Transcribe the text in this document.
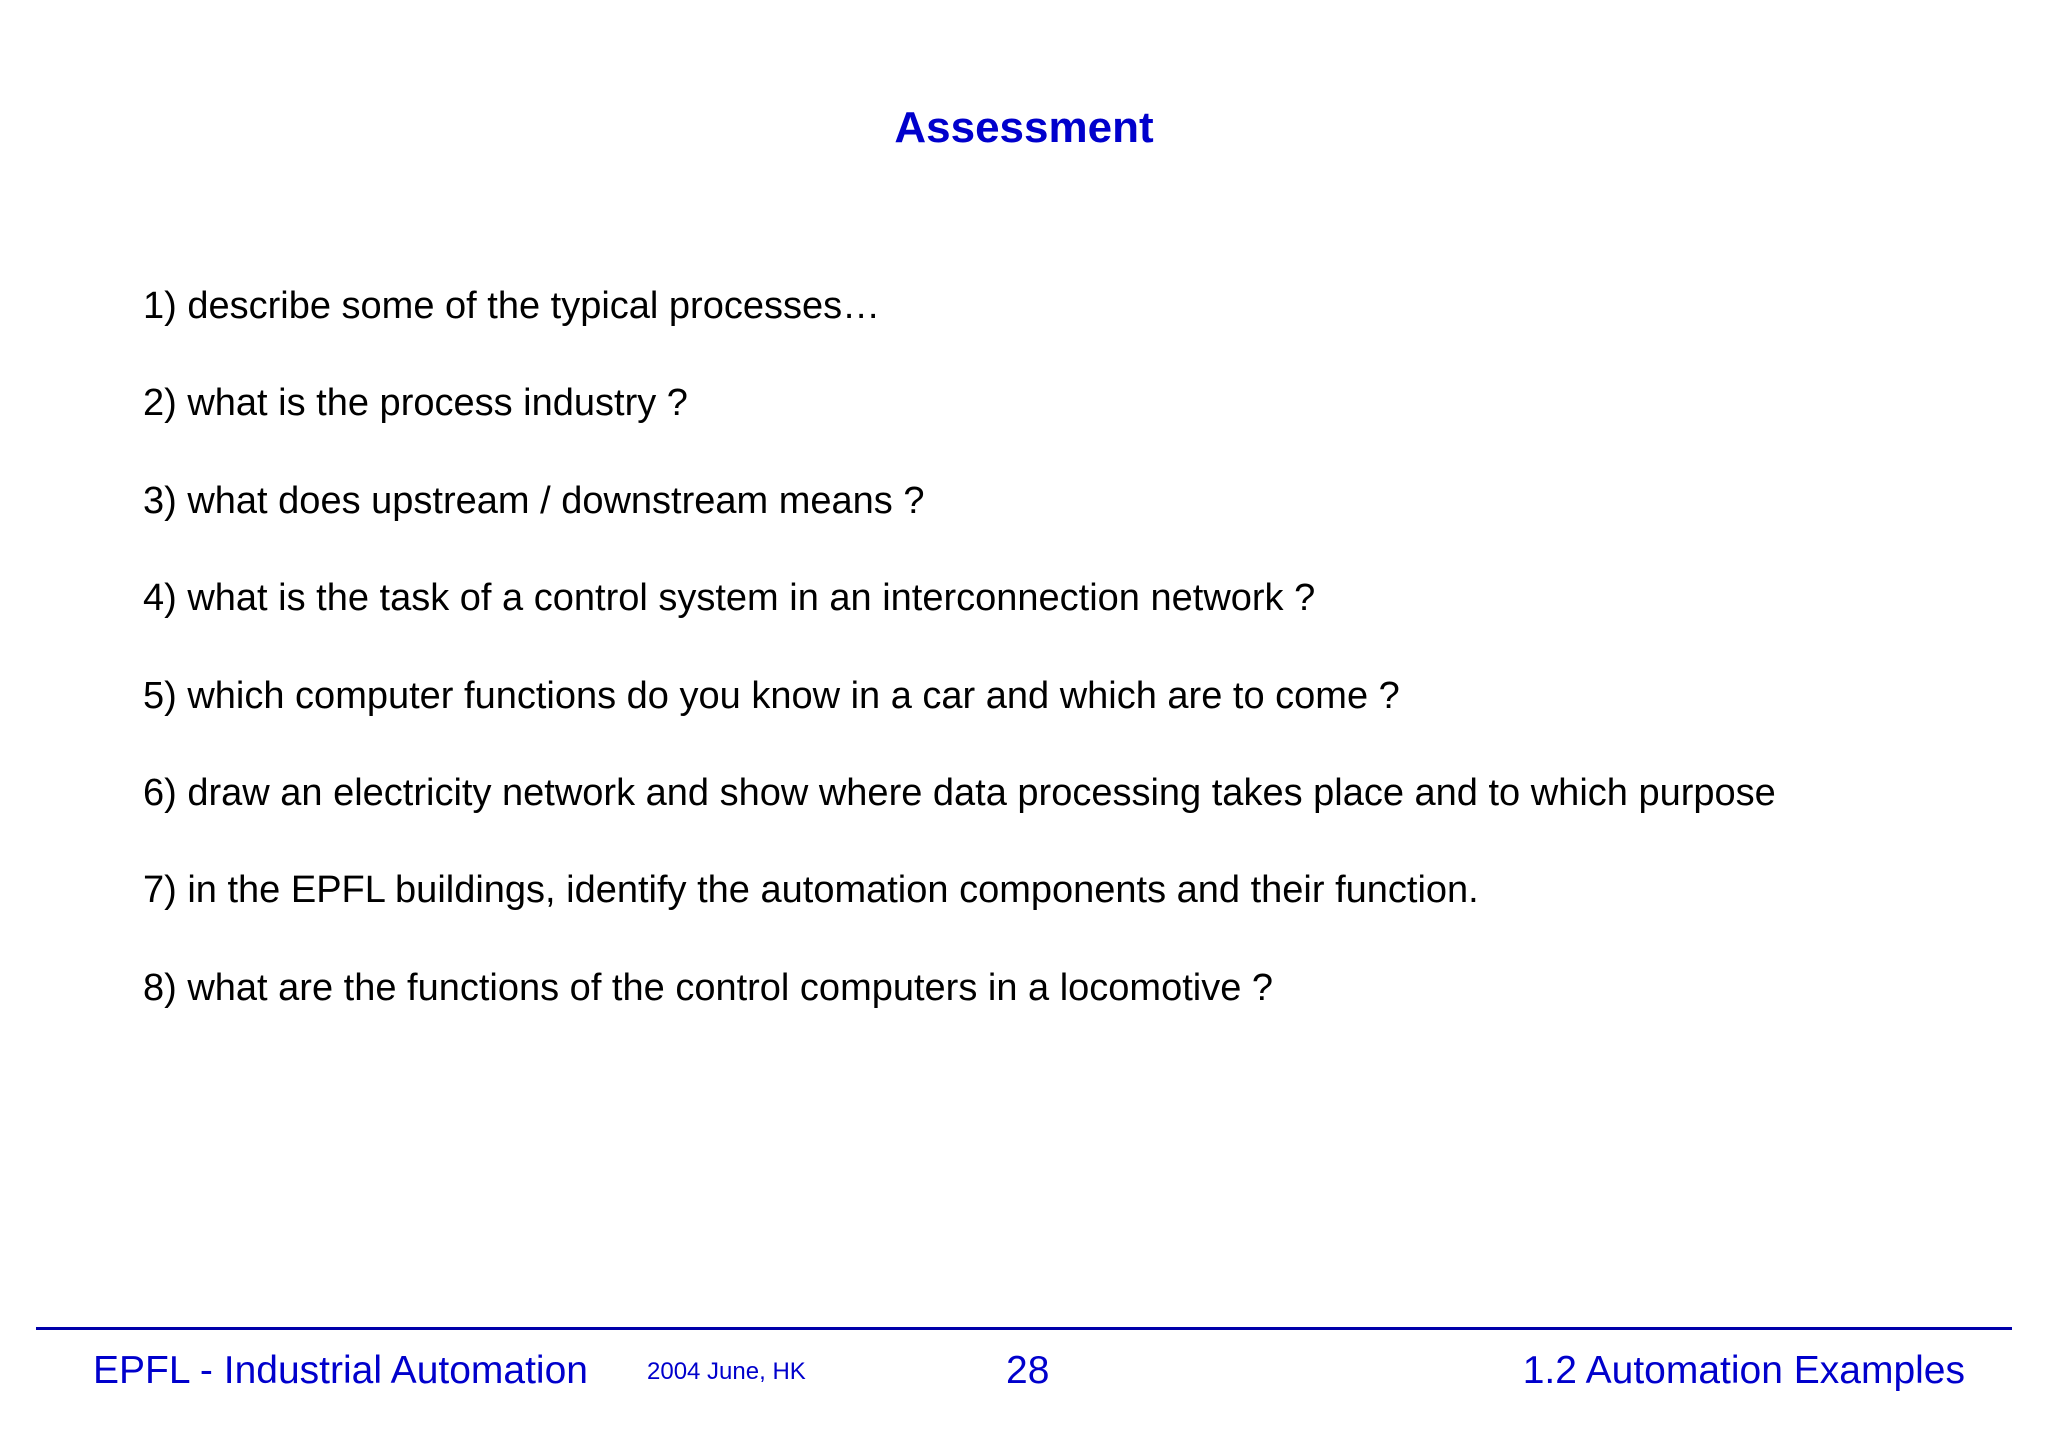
Assessment
1) describe some of the typical processes…
2) what is the process industry ?
3) what does upstream / downstream means ?
4) what is the task of a control system in an interconnection network ?
5) which computer functions do you know in a car and which are to come ?
6) draw an electricity network and show where data processing takes place and to which purpose
7) in the EPFL buildings, identify the automation components and their function.
8) what are the functions of the control computers in a locomotive ?
EPFL - Industrial Automation 2004 June, HK	28	1.2 Automation Examples
